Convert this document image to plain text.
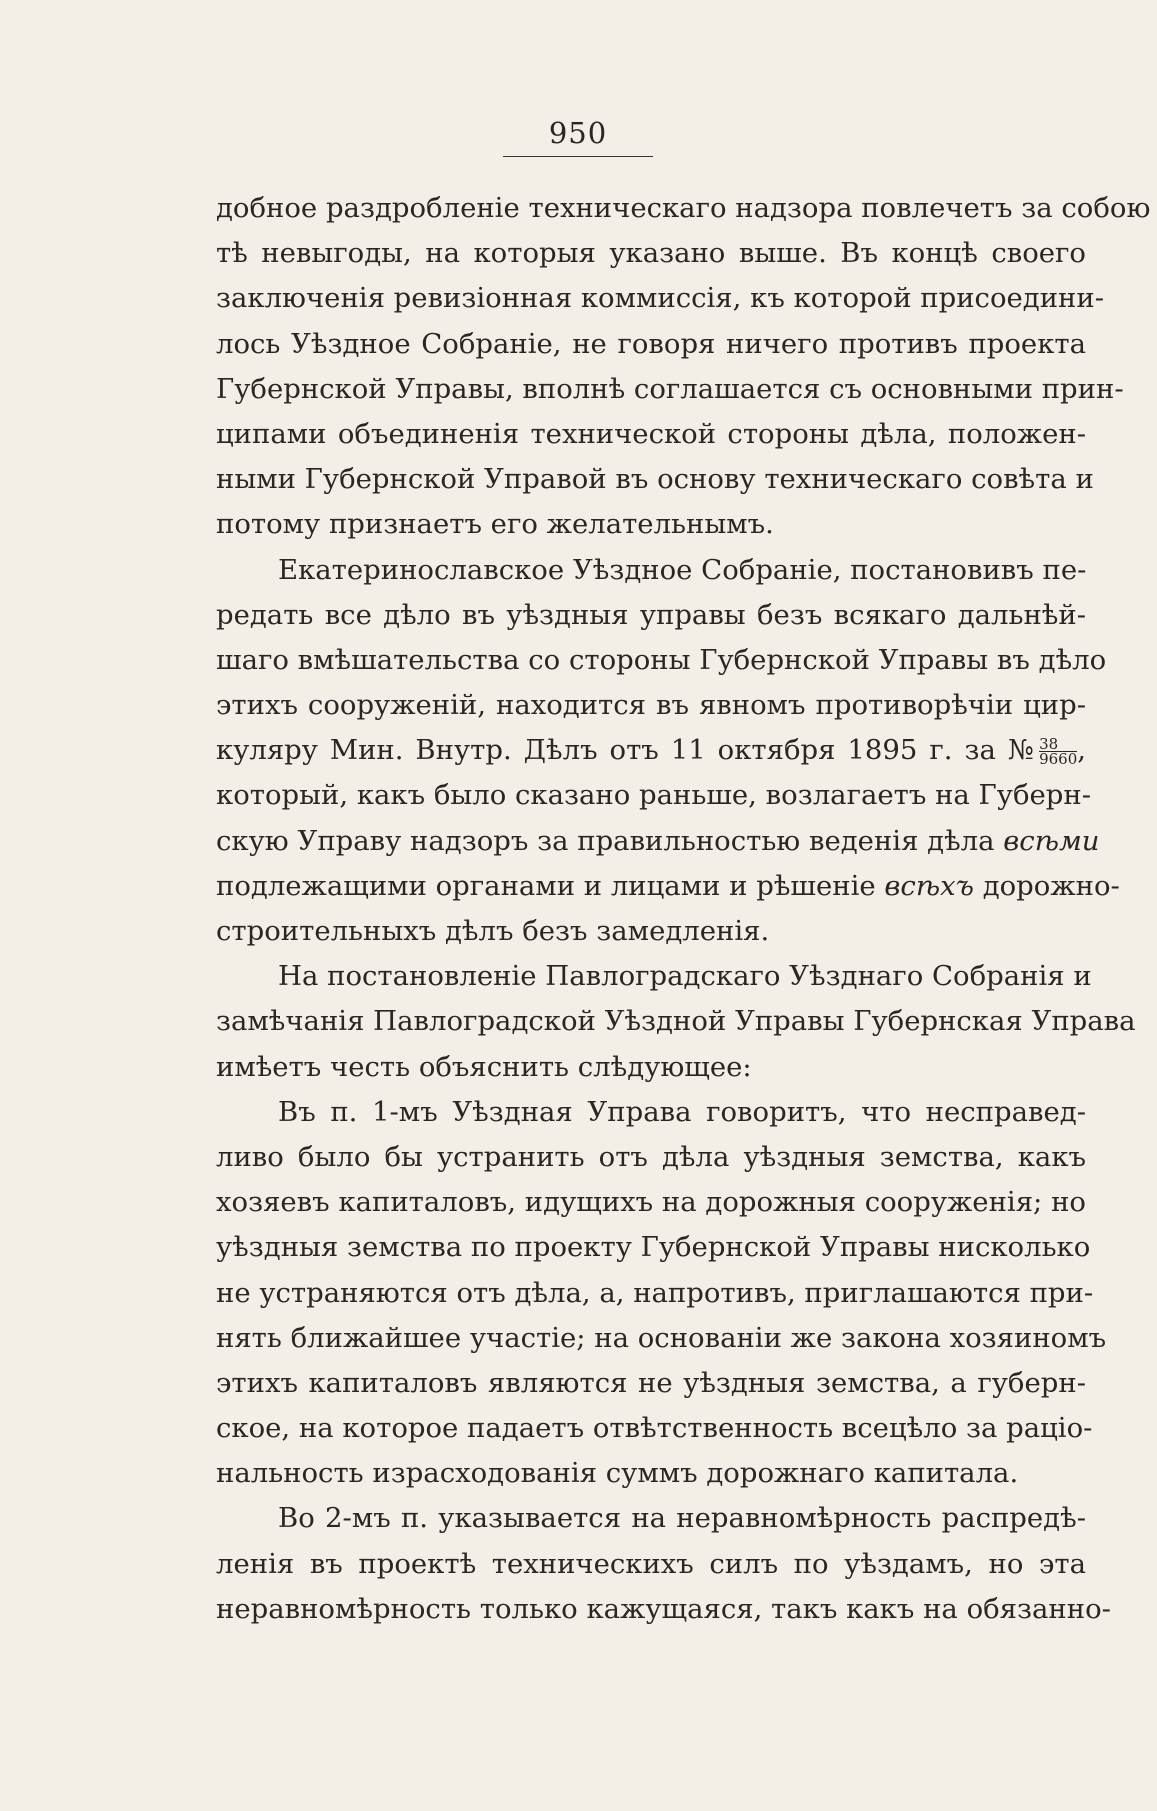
950
добное раздробленіе техническаго надзора повлечетъ за собою
тѣ невыгоды, на которыя указано выше. Въ концѣ своего
заключенія ревизіонная коммиссія, къ которой присоедини-
лось Уѣздное Собраніе, не говоря ничего противъ проекта
Губернской Управы, вполнѣ соглашается съ основными прин-
ципами объединенія технической стороны дѣла, положен-
ными Губернской Управой въ основу техническаго совѣта и
потому признаетъ его желательнымъ.
Екатеринославское Уѣздное Собраніе, постановивъ пе-
редать все дѣло въ уѣздныя управы безъ всякаго дальнѣй-
шаго вмѣшательства со стороны Губернской Управы въ дѣло
этихъ сооруженій, находится въ явномъ противорѣчіи цир-
куляру Мин. Внутр. Дѣлъ отъ 11 октября 1895 г. за № $\frac{38}{9660}$ ,
который, какъ было сказано раньше, возлагаетъ на Губерн-
скую Управу надзоръ за правильностью веденія дѣла всѣми
подлежащими органами и лицами и рѣшеніе всѣхъ дорожно-
строительныхъ дѣлъ безъ замедленія.
На постановленіе Павлоградскаго Уѣзднаго Собранія и
замѣчанія Павлоградской Уѣздной Управы Губернская Управа
имѣетъ честь объяснить слѣдующее:
Въ п. 1-мъ Уѣздная Управа говоритъ, что несправед-
ливо было бы устранить отъ дѣла уѣздныя земства, какъ
хозяевъ капиталовъ, идущихъ на дорожныя сооруженія; но
уѣздныя земства по проекту Губернской Управы нисколько
не устраняются отъ дѣла, а, напротивъ, приглашаются при-
нять ближайшее участіе; на основаніи же закона хозяиномъ
этихъ капиталовъ являются не уѣздныя земства, а губерн-
ское, на которое падаетъ отвѣтственность всецѣло за раціо-
нальность израсходованія суммъ дорожнаго капитала.
Во 2-мъ п. указывается на неравномѣрность распредѣ-
ленія въ проектѣ техническихъ силъ по уѣздамъ, но эта
неравномѣрность только кажущаяся, такъ какъ на обязанно-
